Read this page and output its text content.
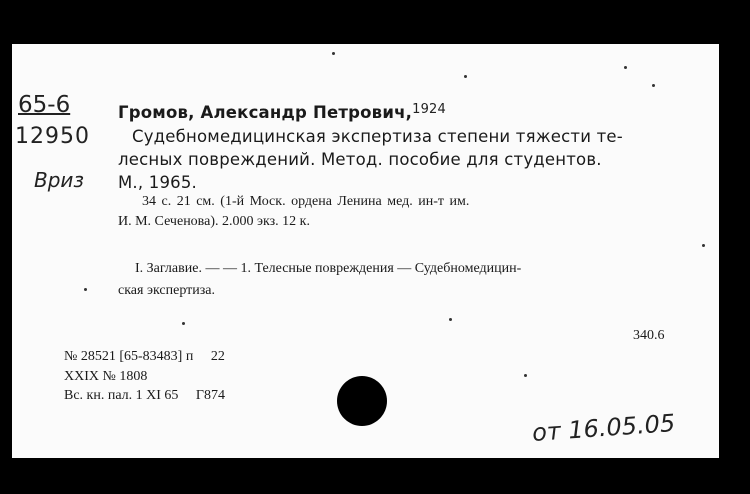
65-6
12950
Вриз
Громов, Александр Петрович,$^{1924}$
Судебномедицинская экспертиза степени тяжести те-
лесных повреждений. Метод. пособие для студентов.
М., 1965.
34 с. 21 см. (1-й Моск. ордена Ленина мед. ин-т им.
И. М. Сеченова). 2.000 экз. 12 к.
I. Заглавие. — — 1. Телесные повреждения — Судебномедицин-
ская экспертиза.
340.6
№ 28521 [65-83483] п     22
XXIX № 1808
Вс. кн. пал. 1 XI 65     Г874
от 16.05.05
